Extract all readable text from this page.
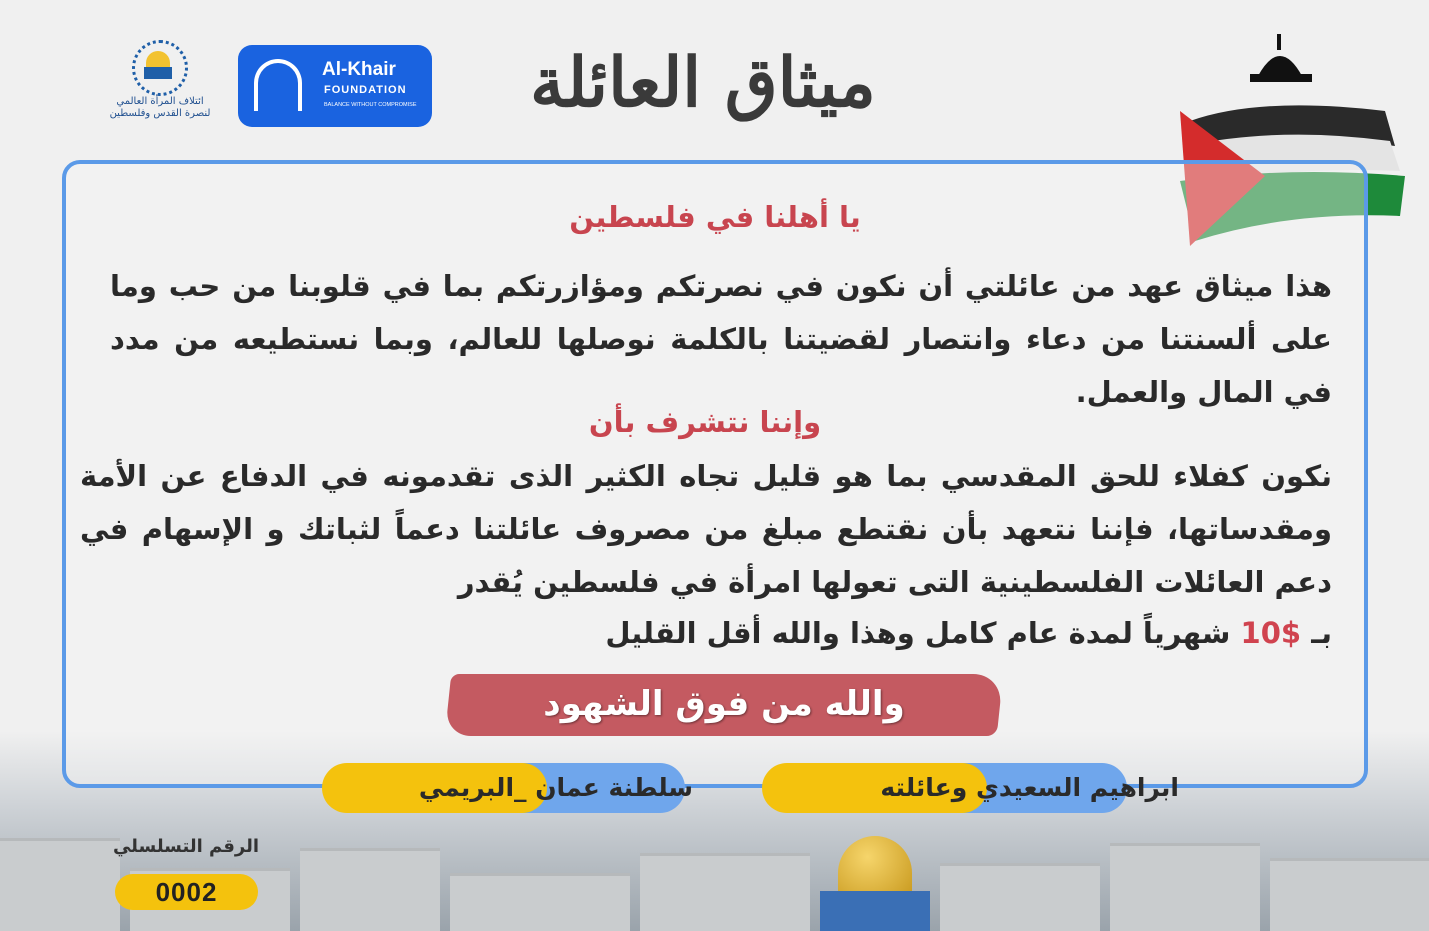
ائتلاف المرأة العالمي
لنصرة القدس وفلسطين
Al-Khair
FOUNDATION
BALANCE WITHOUT COMPROMISE ميثاق العائلة
يا أهلنا في فلسطين
هذا ميثاق عهد من عائلتي أن نكون في نصرتكم ومؤازرتكم بما في قلوبنا من حب وما على ألسنتنا من دعاء وانتصار لقضيتنا بالكلمة نوصلها للعالم، وبما نستطيعه من مدد في المال والعمل.
وإننا نتشرف بأن
نكون كفلاء للحق المقدسي بما هو قليل تجاه الكثير الذى تقدمونه في الدفاع عن الأمة ومقدساتها، فإننا نتعهد بأن نقتطع مبلغ من مصروف عائلتنا دعماً لثباتك و الإسهام في دعم العائلات الفلسطينية التى تعولها امرأة في فلسطين يُقدر
بـ 10$ شهرياً لمدة عام كامل وهذا والله أقل القليل
والله من فوق الشهود
ابراهيم السعيدي وعائلته
سلطنة عمان _البريمي
الرقم التسلسلي
0002
